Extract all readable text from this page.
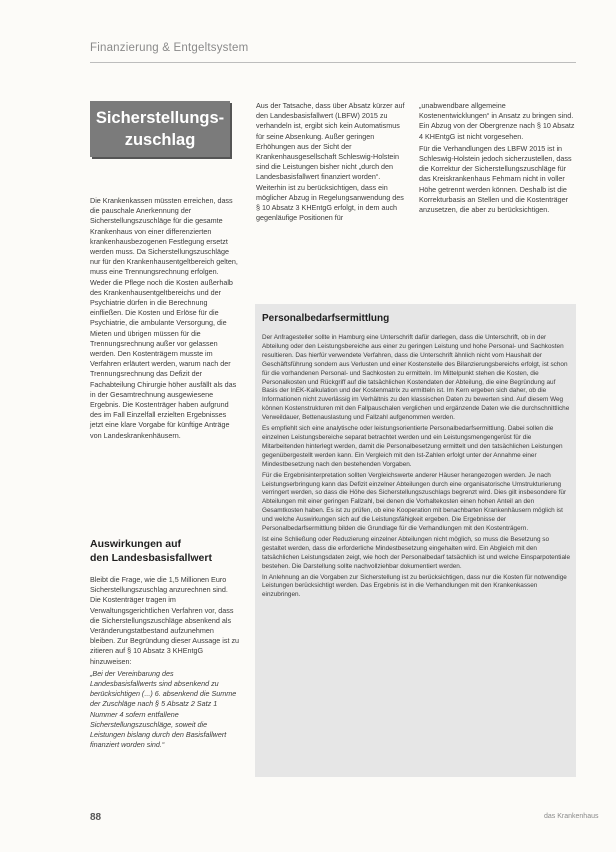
Finanzierung & Entgeltsystem
Sicherstellungs-
zuschlag

Die Krankenkassen müssten erreichen, dass die pauschale Anerkennung der Sicherstellungszuschläge für die gesamte Krankenhaus von einer differenzierten krankenhausbezogenen Festlegung ersetzt werden muss. Da Sicherstellungszuschläge nur für den Krankenhausentgeltbereich gelten, muss eine Trennungsrechnung erfolgen. Weder die Pflege noch die Kosten außerhalb des Krankenhausentgeltbereichs und der Psychiatrie dürfen in die Berechnung einfließen. Die Kosten und Erlöse für die Psychiatrie, die ambulante Versorgung, die Mieten und übrigen müssen für die Trennungsrechnung außer vor gelassen werden. Den Kostenträgern musste im Verfahren erläutert werden, warum nach der Trennungsrechnung das Defizit der Fachabteilung Chirurgie höher ausfällt als das in der Gesamtrechnung ausgewiesene Ergebnis. Die Kostenträger haben aufgrund des im Fall Einzelfall erzielten Ergebnisses jetzt eine klare Vorgabe für künftige Anträge von Landeskrankenhäusern.

Aus der Tatsache, dass über Absatz kürzer auf den Landesbasisfallwert (LBFW) 2015 zu verhandeln ist, ergibt sich kein Automatismus für seine Absenkung. Außer geringen Erhöhungen aus der Sicht der Krankenhausgesellschaft Schleswig-Holstein sind die Leistungen bisher nicht „durch den Landesbasisfallwert finanziert worden“. Weiterhin ist zu berücksichtigen, dass ein möglicher Abzug in Regelungsanwendung des § 10 Absatz 3 KHEntgG erfolgt, in dem auch gegenläufige Positionen für

„unabwendbare allgemeine Kostenentwicklungen“ in Ansatz zu bringen sind. Ein Abzug von der Obergrenze nach § 10 Absatz 4 KHEntgG ist nicht vorgesehen.

Für die Verhandlungen des LBFW 2015 ist in Schleswig-Holstein jedoch sicherzustellen, dass die Korrektur der Sicherstellungszuschläge für das Kreiskrankenhaus Fehmarn nicht in voller Höhe getrennt werden können. Deshalb ist die Korrekturbasis an Stellen und die Kostenträger anzusetzen, die aber zu berücksichtigen.

Auswirkungen auf
den Landesbasisfallwert

Bleibt die Frage, wie die 1,5 Millionen Euro Sicherstellungszuschlag anzurechnen sind. Die Kostenträger tragen im Verwaltungsgerichtlichen Verfahren vor, dass die Sicherstellungszuschläge absenkend als Veränderungstatbestand aufzunehmen bleiben. Zur Begründung dieser Aussage ist zu zitieren auf § 10 Absatz 3 KHEntgG hinzuweisen:

„Bei der Vereinbarung des Landesbasisfallwerts sind absenkend zu berücksichtigen (...) 6. absenkend die Summe der Zuschläge nach § 5 Absatz 2 Satz 1 Nummer 4 sofern entfallene Sicherstellungszuschläge, soweit die Leistungen bislang durch den Basisfallwert finanziert worden sind.“

Personalbedarfsermittlung

Der Anfragesteller sollte in Hamburg eine Unterschrift dafür darlegen, dass die Unterschrift, ob in der Abteilung oder den Leistungsbereiche aus einer zu geringen Leistung und hohe Personal- und Sachkosten resultieren. Das hierfür verwendete Verfahren, dass die Unterschrift ähnlich nicht vom Haushalt der Geschäftsführung sondern aus Verlusten und einer Kostenstelle des Bilanzierungsbereichs erfolgt, ist schon für die vorhandenen Personal- und Sachkosten zu ermitteln. Im Mittelpunkt stehen die Kosten, die Personalkosten und Rückgriff auf die tatsächlichen Kostendaten der Abteilung, die eine Begründung auf Basis der InEK-Kalkulation und der Kostenmatrix zu ermitteln ist. Im Kern ergeben sich daher, ob die Informationen nicht zuverlässig im Verhältnis zu den klassischen Daten zu bewerten sind. Auf diesem Weg können Kostenstrukturen mit den Fallpauschalen verglichen und ergänzende Daten wie die durchschnittliche Verweildauer, Bettenauslastung und Fallzahl aufgenommen werden.

Es empfiehlt sich eine analytische oder leistungsorientierte Personalbedarfsermittlung. Dabei sollen die einzelnen Leistungsbereiche separat betrachtet werden und ein Leistungsmengengerüst für die Mitarbeitenden hinterlegt werden, damit die Personalbesetzung ermittelt und den tatsächlichen Leistungen gegenübergestellt werden kann. Ein Vergleich mit den Ist-Zahlen erfolgt unter der Annahme einer Mindestbesetzung nach den bestehenden Vorgaben.

Für die Ergebnisinterpretation sollten Vergleichswerte anderer Häuser herangezogen werden. Je nach Leistungserbringung kann das Defizit einzelner Abteilungen durch eine organisatorische Umstrukturierung verringert werden, so dass die Höhe des Sicherstellungszuschlags begrenzt wird. Dies gilt insbesondere für Abteilungen mit einer geringen Fallzahl, bei denen die Vorhaltekosten einen hohen Anteil an den Gesamtkosten haben. Es ist zu prüfen, ob eine Kooperation mit benachbarten Krankenhäusern möglich ist und welche Auswirkungen sich auf die Leistungsfähigkeit ergeben. Die Ergebnisse der Personalbedarfsermittlung bilden die Grundlage für die Verhandlungen mit den Kostenträgern.

Ist eine Schließung oder Reduzierung einzelner Abteilungen nicht möglich, so muss die Besetzung so gestaltet werden, dass die erforderliche Mindestbesetzung eingehalten wird. Ein Abgleich mit den tatsächlichen Leistungsdaten zeigt, wie hoch der Personalbedarf tatsächlich ist und welche Einsparpotentiale bestehen. Die Darstellung sollte nachvollziehbar dokumentiert werden.

In Anlehnung an die Vorgaben zur Sicherstellung ist zu berücksichtigen, dass nur die Kosten für notwendige Leistungen berücksichtigt werden. Das Ergebnis ist in die Verhandlungen mit den Krankenkassen einzubringen.

88	das Krankenhaus
